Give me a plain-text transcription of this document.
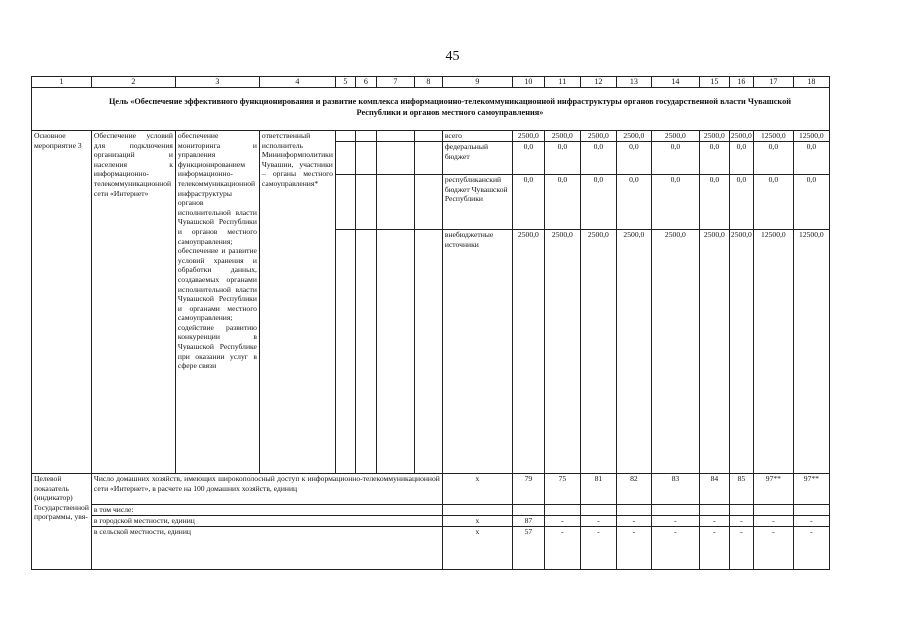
45
1	2	3	4	5	6	7	8	9	10	11	12	13	14	15	16	17	18

Основное мероприятие 3	Обеспечение условий для подключения организаций и населения к информационно-телекоммуникационной сети «Интернет»	обеспечение мониторинга и управления функционированием информационно-телекоммуникационной инфраструктуры органов исполнительной власти Чувашской Республики и органов местного самоуправления; обеспечение и развитие условий хранения и обработки данных, создаваемых органами исполнительной власти Чувашской Республики и органами местного самоуправления; содействие развитию конкуренции в Чувашской Республике при оказании услуг в сфере связи	ответственный исполнитель Мининформполитики Чувашии, участники – органы местного самоуправления*					всего	2500,0	2500,0	2500,0	2500,0	2500,0	2500,0	2500,0	12500,0	12500,0
								федеральный бюджет	0,0	0,0	0,0	0,0	0,0	0,0	0,0	0,0	0,0
								республиканский бюджет Чувашской Республики	0,0	0,0	0,0	0,0	0,0	0,0	0,0	0,0	0,0
								внебюджетные источники	2500,0	2500,0	2500,0	2500,0	2500,0	2500,0	2500,0	12500,0	12500,0
Целевой показатель (индикатор) Государственной программы, увя-	Число домашних хозяйств, имеющих широкополосный доступ к информационно-телекоммуникационной сети «Интернет», в расчете на 100 домашних хозяйств, единиц							х	79	75	81	82	83	84	85	97**	97**
	в том числе:																
	в городской местности, единиц							х	87	-	-	-	-	-	-	-	-
	в сельской местности, единиц							х	57	-	-	-	-	-	-	-	-
Цель «Обеспечение эффективного функционирования и развитие комплекса информационно-телекоммуникационной инфраструктуры органов государственной власти Чувашской Республики и органов местного самоуправления»
